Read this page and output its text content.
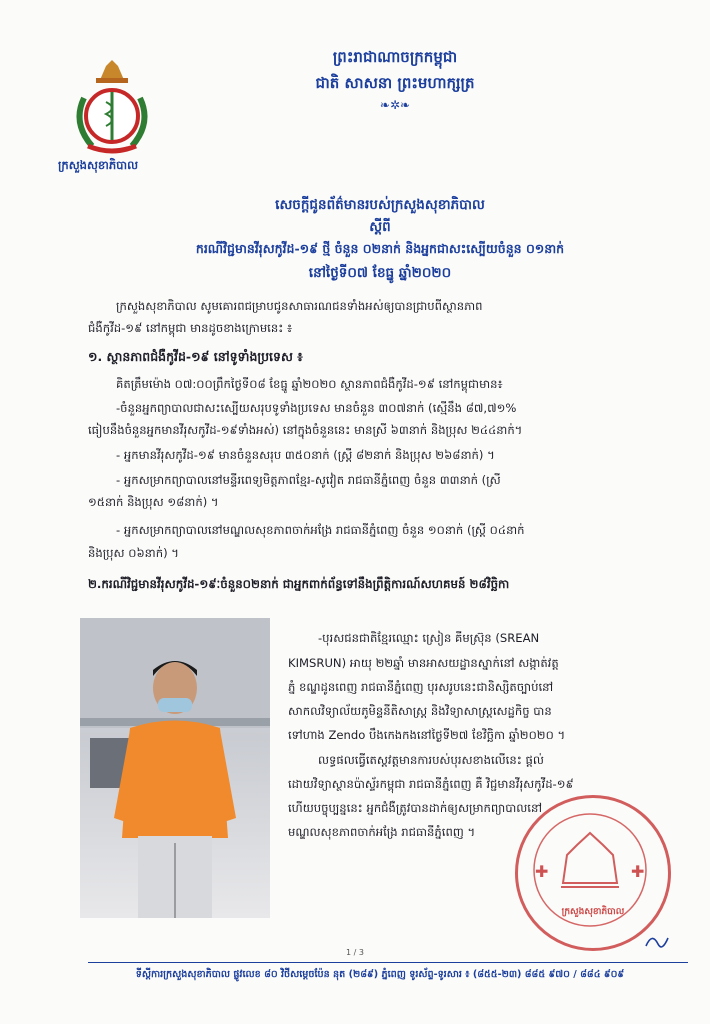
ក្រសួងសុខាភិបាល
ព្រះរាជាណាចក្រកម្ពុជា
ជាតិ សាសនា ព្រះមហាក្សត្រ
❧✲❧
សេចក្តីជូនព័ត៌មានរបស់ក្រសួងសុខាភិបាល
ស្តីពី
ករណីវិជ្ជមានវីរុសកូវីដ-១៩ ថ្មី ចំនួន ០២នាក់ និងអ្នកជាសះស្បើយចំនួន ០១នាក់
នៅថ្ងៃទី០៧ ខែធ្នូ ឆ្នាំ២០២០
ក្រសួងសុខាភិបាល សូមគោរពជម្រាបជូនសាធារណជនទាំងអស់ឲ្យបានជ្រាបពីស្ថានភាព
ជំងឺកូវីដ-១៩ នៅកម្ពុជា មានដូចខាងក្រោមនេះ ៖
១. ស្ថានភាពជំងឺកូវីដ-១៩ នៅទូទាំងប្រទេស ៖
គិតត្រឹមម៉ោង ០៧:០០ព្រឹកថ្ងៃទី០៨ ខែធ្នូ ឆ្នាំ២០២០ ស្ថានភាពជំងឺកូវីដ-១៩ នៅកម្ពុជាមាន៖
-ចំនួនអ្នកព្យាបាលជាសះស្បើយសរុបទូទាំងប្រទេស មានចំនួន ៣០៧នាក់ (ស្មើនឹង ៨៧,៧១%
ធៀបនឹងចំនួនអ្នកមានវីរុសកូវីដ-១៩ទាំងអស់) នៅក្នុងចំនួននេះ មានស្រី ៦៣នាក់ និងប្រុស ២៤៤នាក់។
- អ្នកមានវីរុសកូវីដ-១៩ មានចំនួនសរុប ៣៥០នាក់ (ស្ត្រី ៨២នាក់ និងប្រុស ២៦៨នាក់) ។
- អ្នកសម្រាកព្យាបាលនៅមន្ទីរពេទ្យមិត្តភាពខ្មែរ-សូវៀត រាជធានីភ្នំពេញ ចំនួន ៣៣នាក់ (ស្រី
១៥នាក់ និងប្រុស ១៨នាក់) ។
- អ្នកសម្រាកព្យាបាលនៅមណ្ឌលសុខភាពចាក់អង្រែ រាជធានីភ្នំពេញ ចំនួន ១០នាក់ (ស្ត្រី ០៤នាក់
និងប្រុស ០៦នាក់) ។
២.ករណីវិជ្ជមានវីរុសកូវីដ-១៩ៈចំនួន០២នាក់ ជាអ្នកពាក់ព័ន្ធទៅនឹងព្រឹត្តិការណ៍សហគមន៍ ២៨វិច្ឆិកា
-បុរសជនជាតិខ្មែរឈ្មោះ ស្រៀន គីមស្រ៊ុន (SREAN
KIMSRUN) អាយុ ២២ឆ្នាំ មានអាសយដ្ឋានស្នាក់នៅ សង្កាត់វត្ត
ភ្នំ ខណ្ឌដូនពេញ រាជធានីភ្នំពេញ បុរសរូបនេះជានិស្សិតច្បាប់នៅ
សាកលវិទ្យាល័យភូមិន្ទនីតិសាស្ត្រ និងវិទ្យាសាស្ត្រសេដ្ឋកិច្ច បាន
ទៅហាង Zendo បឹងកេងកងនៅថ្ងៃទី២៧ ខែវិច្ឆិកា ឆ្នាំ២០២០ ។
លទ្ធផលធ្វើតេស្តវត្តមានការបស់បុរសខាងលើនេះ ផ្តល់
ដោយវិទ្យាស្ថានប៉ាស្ទ័រកម្ពុជា រាជធានីភ្នំពេញ គឺ វិជ្ជមានវីរុសកូវីដ-១៩
ហើយបច្ចុប្បន្ននេះ អ្នកជំងឺត្រូវបានដាក់ឲ្យសម្រាកព្យាបាលនៅ
មណ្ឌលសុខភាពចាក់អង្រែ រាជធានីភ្នំពេញ ។
✚	✚
ក្រសួងសុខាភិបាល
1 / 3
ទីស្តីការក្រសួងសុខាភិបាល ផ្លូវលេខ ៨០ វិថីសម្តេចប៉ែន នុត (២៨៩) ភ្នំពេញ ទូរស័ព្ទ-ទូរសារ ៖ (៨៥៥-២៣) ៨៨៥ ៩៧០ / ៨៨៤ ៩០៩
